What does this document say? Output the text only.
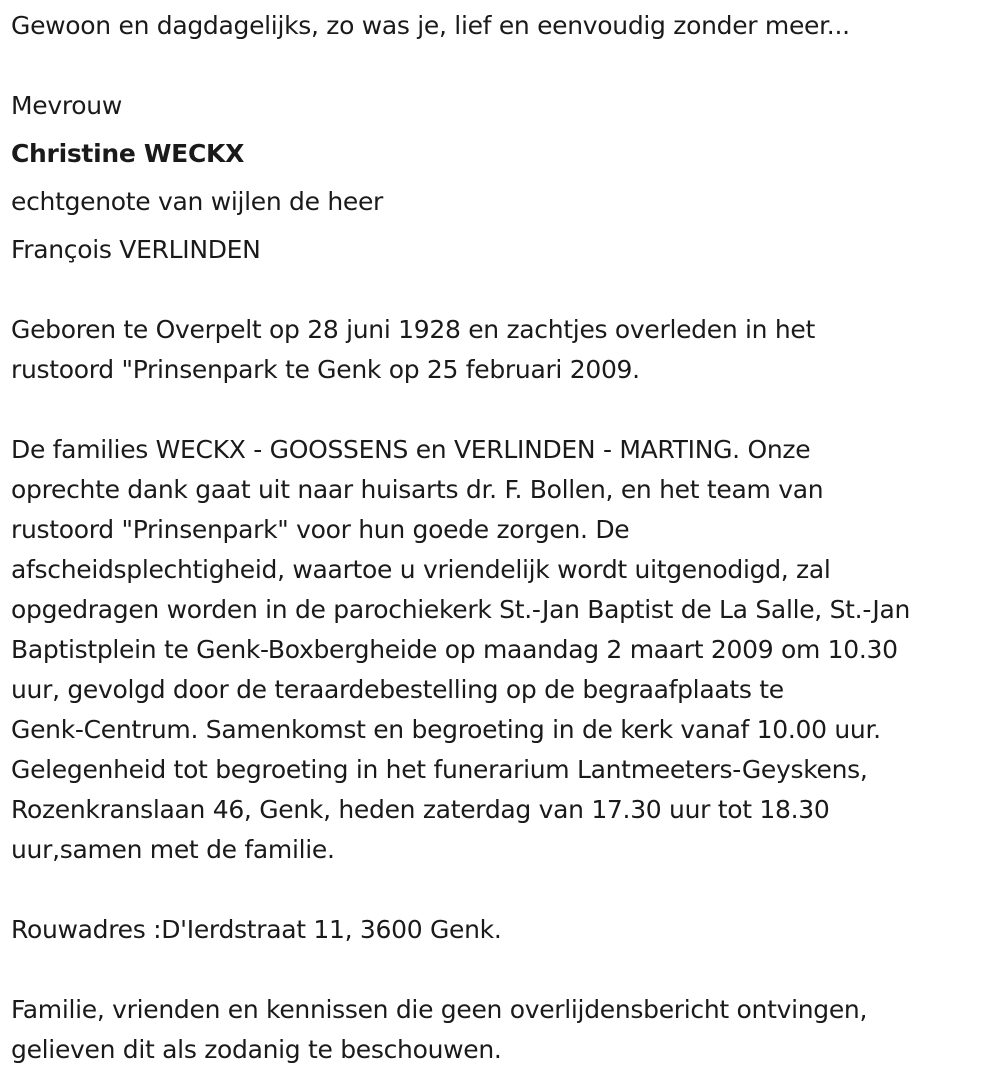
Gewoon en dagdagelijks, zo was je, lief en eenvoudig zonder meer...
Mevrouw
Christine WECKX
echtgenote van wijlen de heer
François VERLINDEN
Geboren te Overpelt op 28 juni 1928 en zachtjes overleden in het
rustoord "Prinsenpark te Genk op 25 februari 2009.
De families WECKX - GOOSSENS en VERLINDEN - MARTING. Onze
oprechte dank gaat uit naar huisarts dr. F. Bollen, en het team van
rustoord "Prinsenpark" voor hun goede zorgen. De
afscheidsplechtigheid, waartoe u vriendelijk wordt uitgenodigd, zal
opgedragen worden in de parochiekerk St.-Jan Baptist de La Salle, St.-Jan
Baptistplein te Genk-Boxbergheide op maandag 2 maart 2009 om 10.30
uur, gevolgd door de teraardebestelling op de begraafplaats te
Genk-Centrum. Samenkomst en begroeting in de kerk vanaf 10.00 uur.
Gelegenheid tot begroeting in het funerarium Lantmeeters-Geyskens,
Rozenkranslaan 46, Genk, heden zaterdag van 17.30 uur tot 18.30
uur,samen met de familie.
Rouwadres :D'Ierdstraat 11, 3600 Genk.
Familie, vrienden en kennissen die geen overlijdensbericht ontvingen,
gelieven dit als zodanig te beschouwen.
